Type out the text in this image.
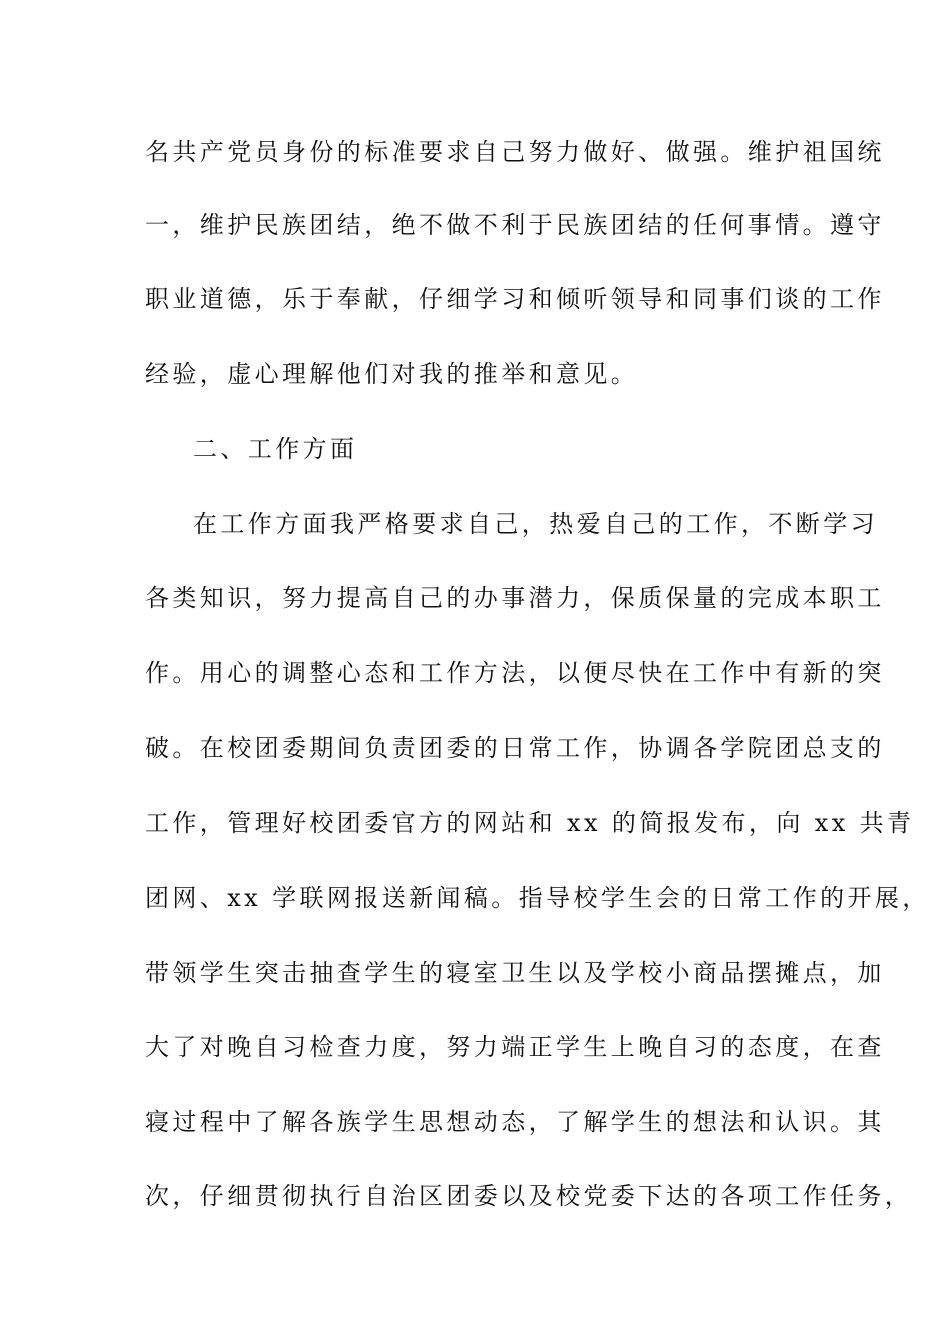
名共产党员身份的标准要求自己努力做好、做强。维护祖国统
一，维护民族团结，绝不做不利于民族团结的任何事情。遵守
职业道德，乐于奉献，仔细学习和倾听领导和同事们谈的工作
经验，虚心理解他们对我的推举和意见。
二、工作方面
在工作方面我严格要求自己，热爱自己的工作，不断学习
各类知识，努力提高自己的办事潜力，保质保量的完成本职工
作。用心的调整心态和工作方法，以便尽快在工作中有新的突
破。在校团委期间负责团委的日常工作，协调各学院团总支的
工作，管理好校团委官方的网站和 xx 的简报发布，向 xx 共青
团网、xx 学联网报送新闻稿。指导校学生会的日常工作的开展，
带领学生突击抽查学生的寝室卫生以及学校小商品摆摊点，加
大了对晚自习检查力度，努力端正学生上晚自习的态度，在查
寝过程中了解各族学生思想动态，了解学生的想法和认识。其
次，仔细贯彻执行自治区团委以及校党委下达的各项工作任务，
